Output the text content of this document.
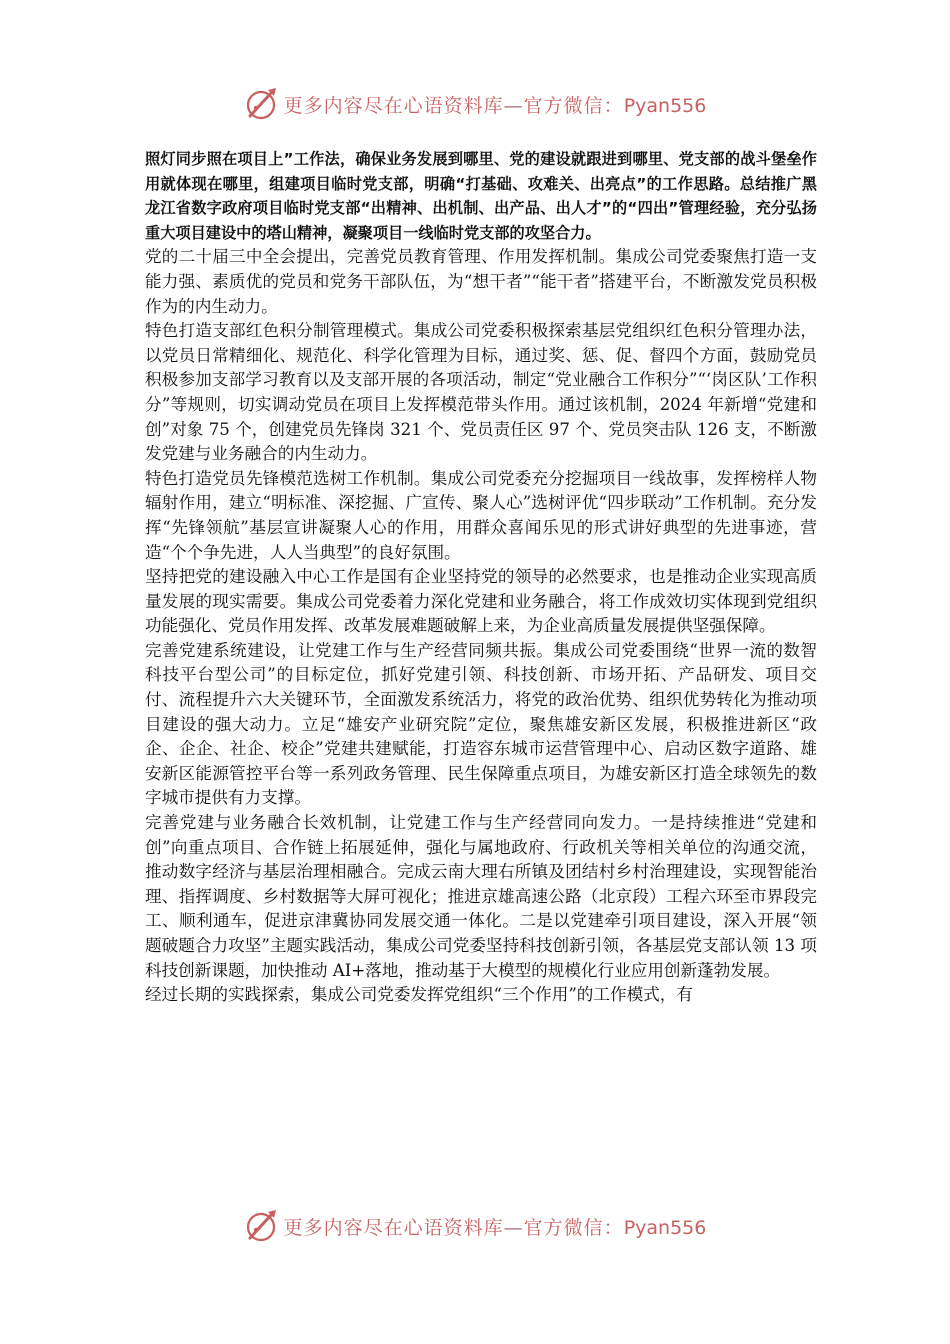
更多内容尽在心语资料库—官方微信：Pyan556

照灯同步照在项目上”工作法，确保业务发展到哪里、党的建设就跟进到哪里、党支部的战斗堡垒作用就体现在哪里，组建项目临时党支部，明确“打基础、攻难关、出亮点”的工作思路。总结推广黑龙江省数字政府项目临时党支部“出精神、出机制、出产品、出人才”的“四出”管理经验，充分弘扬重大项目建设中的塔山精神，凝聚项目一线临时党支部的攻坚合力。

党的二十届三中全会提出，完善党员教育管理、作用发挥机制。集成公司党委聚焦打造一支能力强、素质优的党员和党务干部队伍，为“想干者”“能干者”搭建平台，不断激发党员积极作为的内生动力。

特色打造支部红色积分制管理模式。集成公司党委积极探索基层党组织红色积分管理办法，以党员日常精细化、规范化、科学化管理为目标，通过奖、惩、促、督四个方面，鼓励党员积极参加支部学习教育以及支部开展的各项活动，制定“党业融合工作积分”“‘岗区队’工作积分”等规则，切实调动党员在项目上发挥模范带头作用。通过该机制，2024 年新增“党建和创”对象 75 个，创建党员先锋岗 321 个、党员责任区 97 个、党员突击队 126 支，不断激发党建与业务融合的内生动力。

特色打造党员先锋模范选树工作机制。集成公司党委充分挖掘项目一线故事，发挥榜样人物辐射作用，建立“明标准、深挖掘、广宣传、聚人心”选树评优“四步联动”工作机制。充分发挥“先锋领航”基层宣讲凝聚人心的作用，用群众喜闻乐见的形式讲好典型的先进事迹，营造“个个争先进，人人当典型”的良好氛围。

坚持把党的建设融入中心工作是国有企业坚持党的领导的必然要求，也是推动企业实现高质量发展的现实需要。集成公司党委着力深化党建和业务融合，将工作成效切实体现到党组织功能强化、党员作用发挥、改革发展难题破解上来，为企业高质量发展提供坚强保障。

完善党建系统建设，让党建工作与生产经营同频共振。集成公司党委围绕“世界一流的数智科技平台型公司”的目标定位，抓好党建引领、科技创新、市场开拓、产品研发、项目交付、流程提升六大关键环节，全面激发系统活力，将党的政治优势、组织优势转化为推动项目建设的强大动力。立足“雄安产业研究院”定位，聚焦雄安新区发展，积极推进新区“政企、企企、社企、校企”党建共建赋能，打造容东城市运营管理中心、启动区数字道路、雄安新区能源管控平台等一系列政务管理、民生保障重点项目，为雄安新区打造全球领先的数字城市提供有力支撑。

完善党建与业务融合长效机制，让党建工作与生产经营同向发力。一是持续推进“党建和创”向重点项目、合作链上拓展延伸，强化与属地政府、行政机关等相关单位的沟通交流，推动数字经济与基层治理相融合。完成云南大理右所镇及团结村乡村治理建设，实现智能治理、指挥调度、乡村数据等大屏可视化；推进京雄高速公路（北京段）工程六环至市界段完工、顺利通车，促进京津冀协同发展交通一体化。二是以党建牵引项目建设，深入开展“领题破题合力攻坚”主题实践活动，集成公司党委坚持科技创新引领，各基层党支部认领 13 项科技创新课题，加快推动 AI+落地，推动基于大模型的规模化行业应用创新蓬勃发展。

经过长期的实践探索，集成公司党委发挥党组织“三个作用”的工作模式，有

更多内容尽在心语资料库—官方微信：Pyan556
